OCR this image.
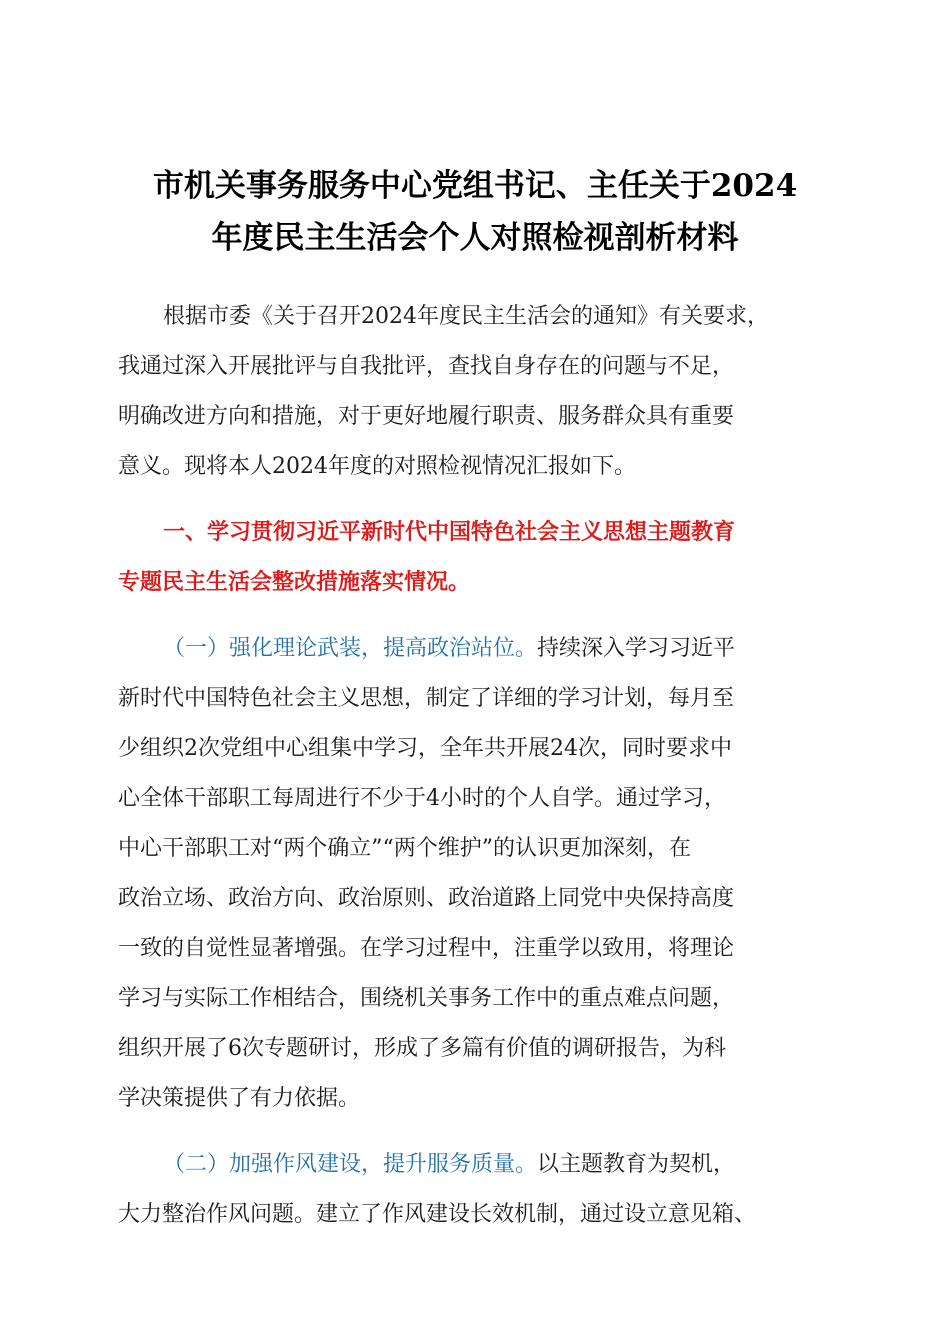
市机关事务服务中心党组书记、主任关于2024
年度民主生活会个人对照检视剖析材料
根据市委《关于召开2024年度民主生活会的通知》有关要求，
我通过深入开展批评与自我批评，查找自身存在的问题与不足，
明确改进方向和措施，对于更好地履行职责、服务群众具有重要
意义。现将本人2024年度的对照检视情况汇报如下。
一、学习贯彻习近平新时代中国特色社会主义思想主题教育
专题民主生活会整改措施落实情况。
（一）强化理论武装，提高政治站位。持续深入学习习近平
新时代中国特色社会主义思想，制定了详细的学习计划，每月至
少组织2次党组中心组集中学习，全年共开展24次，同时要求中
心全体干部职工每周进行不少于4小时的个人自学。通过学习，
中心干部职工对“两个确立”“两个维护”的认识更加深刻，在
政治立场、政治方向、政治原则、政治道路上同党中央保持高度
一致的自觉性显著增强。在学习过程中，注重学以致用，将理论
学习与实际工作相结合，围绕机关事务工作中的重点难点问题，
组织开展了6次专题研讨，形成了多篇有价值的调研报告，为科
学决策提供了有力依据。
（二）加强作风建设，提升服务质量。以主题教育为契机，
大力整治作风问题。建立了作风建设长效机制，通过设立意见箱、
